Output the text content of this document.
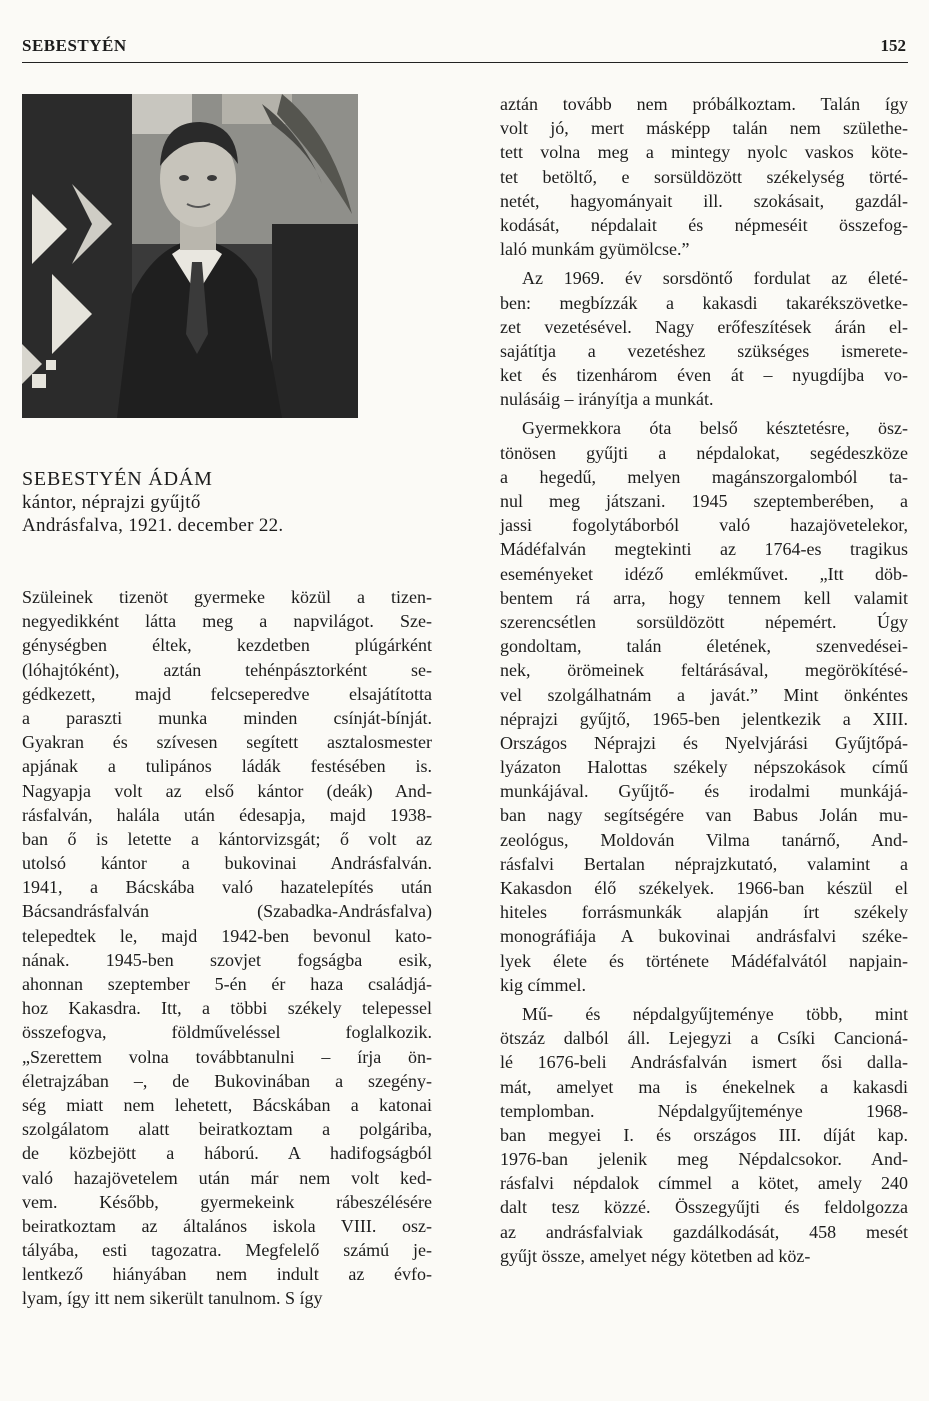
SEBESTYÉN	152
SEBESTYÉN ÁDÁM
kántor, néprajzi gyűjtő
Andrásfalva, 1921. december 22.
Szüleinek tizenöt gyermeke közül a tizen-
negyedikként látta meg a napvilágot. Sze-
génységben éltek, kezdetben plúgárként
(lóhajtóként), aztán tehénpásztorként se-
gédkezett, majd felcseperedve elsajátította
a paraszti munka minden csínját-bínját.
Gyakran és szívesen segített asztalosmester
apjának a tulipános ládák festésében is.
Nagyapja volt az első kántor (deák) And-
rásfalván, halála után édesapja, majd 1938-
ban ő is letette a kántorvizsgát; ő volt az
utolsó kántor a bukovinai Andrásfalván.
1941, a Bácskába való hazatelepítés után
Bácsandrásfalván (Szabadka-Andrásfalva)
telepedtek le, majd 1942-ben bevonul kato-
nának. 1945-ben szovjet fogságba esik,
ahonnan szeptember 5-én ér haza családjá-
hoz Kakasdra. Itt, a többi székely telepessel
összefogva, földműveléssel foglalkozik.
„Szerettem volna továbbtanulni – írja ön-
életrajzában –, de Bukovinában a szegény-
ség miatt nem lehetett, Bácskában a katonai
szolgálatom alatt beiratkoztam a polgáriba,
de közbejött a háború. A hadifogságból
való hazajövetelem után már nem volt ked-
vem. Később, gyermekeink rábeszélésére
beiratkoztam az általános iskola VIII. osz-
tályába, esti tagozatra. Megfelelő számú je-
lentkező hiányában nem indult az évfo-
lyam, így itt nem sikerült tanulnom. S így
aztán tovább nem próbálkoztam. Talán így
volt jó, mert másképp talán nem születhe-
tett volna meg a mintegy nyolc vaskos köte-
tet betöltő, e sorsüldözött székelység törté-
netét, hagyományait ill. szokásait, gazdál-
kodását, népdalait és népmeséit összefog-
laló munkám gyümölcse.”
Az 1969. év sorsdöntő fordulat az életé-
ben: megbízzák a kakasdi takarékszövetke-
zet vezetésével. Nagy erőfeszítések árán el-
sajátítja a vezetéshez szükséges ismerete-
ket és tizenhárom éven át – nyugdíjba vo-
nulásáig – irányítja a munkát.
Gyermekkora óta belső késztetésre, ösz-
tönösen gyűjti a népdalokat, segédeszköze
a hegedű, melyen magánszorgalomból ta-
nul meg játszani. 1945 szeptemberében, a
jassi fogolytáborból való hazajövetelekor,
Mádéfalván megtekinti az 1764-es tragikus
eseményeket idéző emlékművet. „Itt döb-
bentem rá arra, hogy tennem kell valamit
szerencsétlen sorsüldözött népemért. Úgy
gondoltam, talán életének, szenvedései-
nek, örömeinek feltárásával, megörökítésé-
vel szolgálhatnám a javát.” Mint önkéntes
néprajzi gyűjtő, 1965-ben jelentkezik a XIII.
Országos Néprajzi és Nyelvjárási Gyűjtőpá-
lyázaton Halottas székely népszokások című
munkájával. Gyűjtő- és irodalmi munkájá-
ban nagy segítségére van Babus Jolán mu-
zeológus, Moldován Vilma tanárnő, And-
rásfalvi Bertalan néprajzkutató, valamint a
Kakasdon élő székelyek. 1966-ban készül el
hiteles forrásmunkák alapján írt székely
monográfiája A bukovinai andrásfalvi széke-
lyek élete és története Mádéfalvától napjain-
kig címmel.
Mű- és népdalgyűjteménye több, mint
ötszáz dalból áll. Lejegyzi a Csíki Cancioná-
lé 1676-beli Andrásfalván ismert ősi dalla-
mát, amelyet ma is énekelnek a kakasdi
templomban. Népdalgyűjteménye 1968-
ban megyei I. és országos III. díját kap.
1976-ban jelenik meg Népdalcsokor. And-
rásfalvi népdalok címmel a kötet, amely 240
dalt tesz közzé. Összegyűjti és feldolgozza
az andrásfalviak gazdálkodását, 458 mesét
gyűjt össze, amelyet négy kötetben ad köz-
